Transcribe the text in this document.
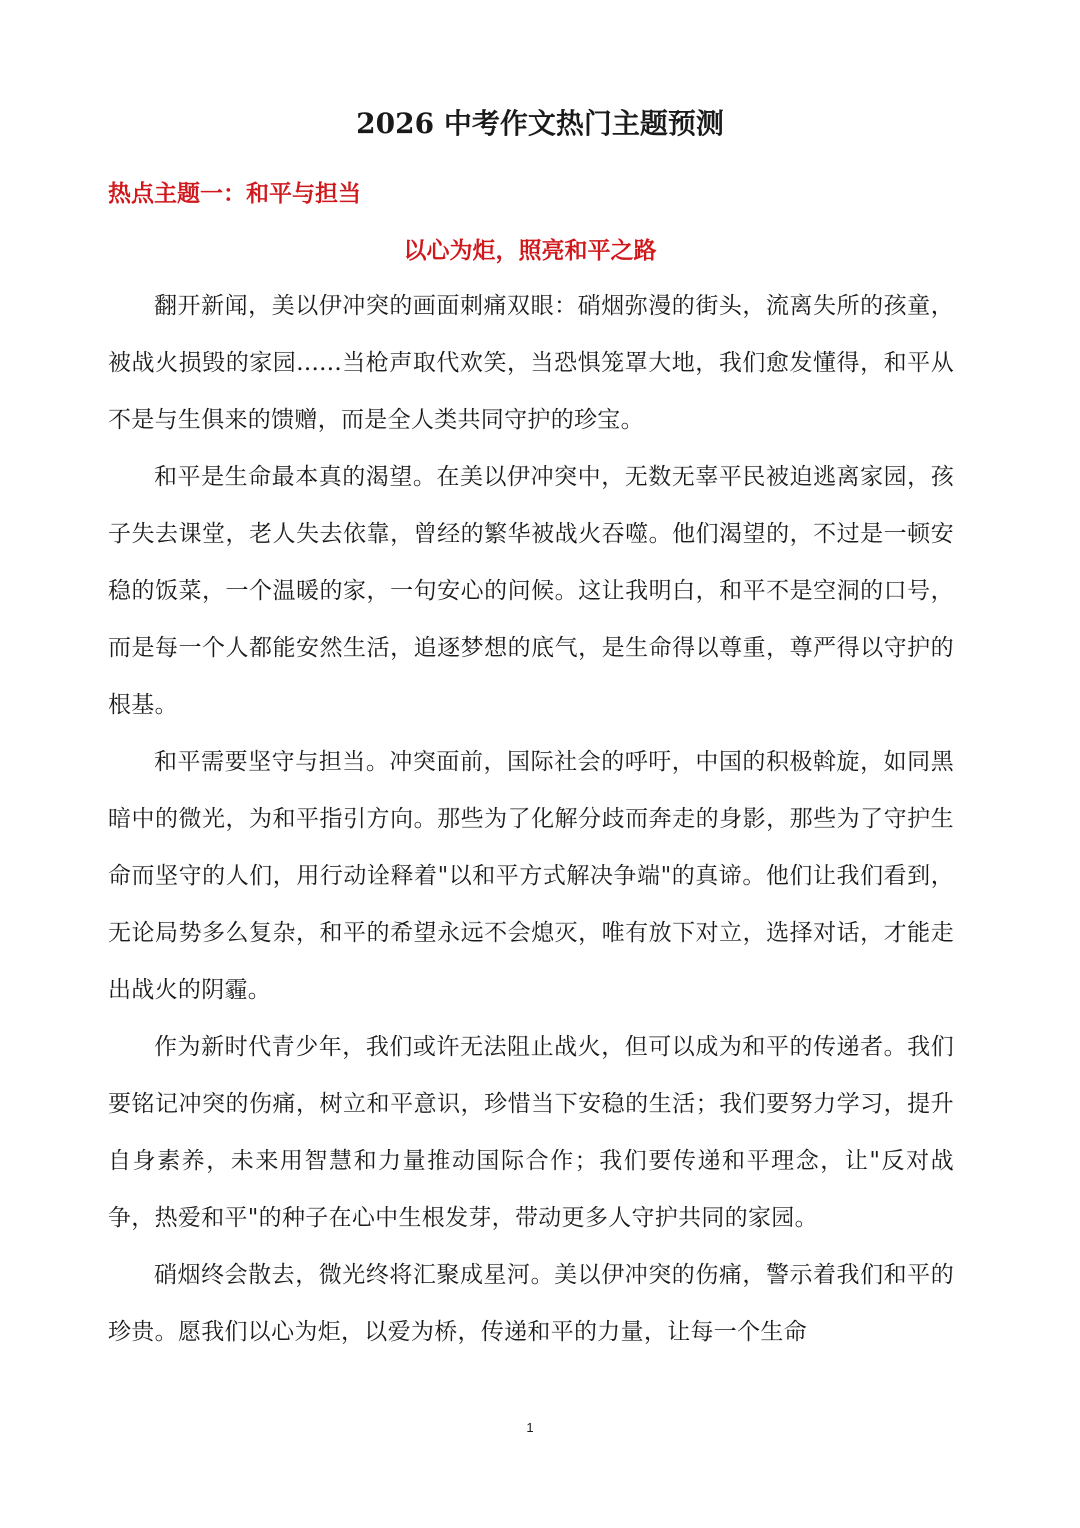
2026 中考作文热门主题预测
热点主题一：和平与担当
以心为炬，照亮和平之路

翻开新闻，美以伊冲突的画面刺痛双眼：硝烟弥漫的街头，流离失所的孩童，被战火损毁的家园......当枪声取代欢笑，当恐惧笼罩大地，我们愈发懂得，和平从不是与生俱来的馈赠，而是全人类共同守护的珍宝。

和平是生命最本真的渴望。在美以伊冲突中，无数无辜平民被迫逃离家园，孩子失去课堂，老人失去依靠，曾经的繁华被战火吞噬。他们渴望的，不过是一顿安稳的饭菜，一个温暖的家，一句安心的问候。这让我明白，和平不是空洞的口号，而是每一个人都能安然生活，追逐梦想的底气，是生命得以尊重，尊严得以守护的根基。

和平需要坚守与担当。冲突面前，国际社会的呼吁，中国的积极斡旋，如同黑暗中的微光，为和平指引方向。那些为了化解分歧而奔走的身影，那些为了守护生命而坚守的人们，用行动诠释着"以和平方式解决争端"的真谛。他们让我们看到，无论局势多么复杂，和平的希望永远不会熄灭，唯有放下对立，选择对话，才能走出战火的阴霾。

作为新时代青少年，我们或许无法阻止战火，但可以成为和平的传递者。我们要铭记冲突的伤痛，树立和平意识，珍惜当下安稳的生活；我们要努力学习，提升自身素养，未来用智慧和力量推动国际合作；我们要传递和平理念，让"反对战争，热爱和平"的种子在心中生根发芽，带动更多人守护共同的家园。

硝烟终会散去，微光终将汇聚成星河。美以伊冲突的伤痛，警示着我们和平的珍贵。愿我们以心为炬，以爱为桥，传递和平的力量，让每一个生命

1
